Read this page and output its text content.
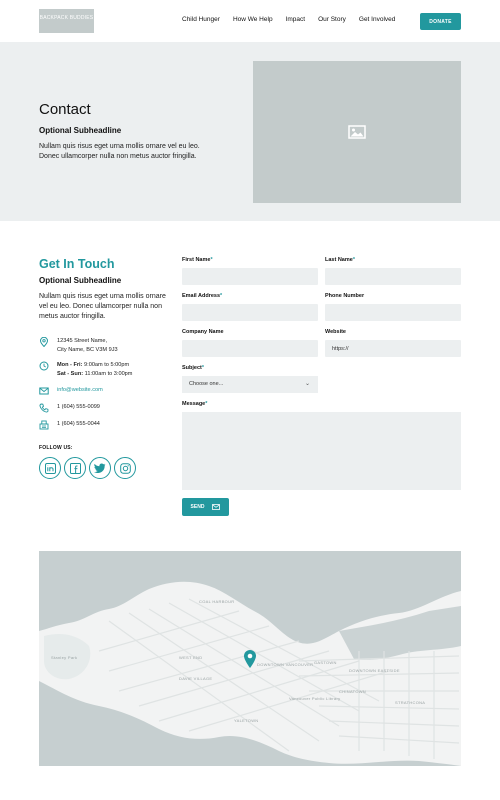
BACKPACK BUDDIES	Child Hunger How We Help Impact Our Story Get Involved	DONATE
Contact
Optional Subheadline
Nullam quis risus eget urna mollis ornare vel eu leo. Donec ullamcorper nulla non metus auctor fringilla.
Get In Touch
Optional Subheadline
Nullam quis risus eget urna mollis ornare vel eu leo. Donec ullamcorper nulla non metus auctor fringilla.
12345 Street Name,
City Name, BC V3M 9J3
Mon - Fri: 9:00am to 5:00pm
Sat - Sun: 11:00am to 3:00pm
info@website.com
1 (604) 555-0099
1 (604) 555-0044
FOLLOW US:
First Name*	Last Name*
Email Address*	Phone Number
Company Name	Website
https://
Subject*
Choose one...	⌄
Message*
SEND
COAL HARBOUR
WEST END
DOWNTOWN VANCOUVER GASTOWN
DOWNTOWN EASTSIDE
CHINATOWN
STRATHCONA
YALETOWN
DAVIE VILLAGE
Vancouver Public Library
Stanley Park
